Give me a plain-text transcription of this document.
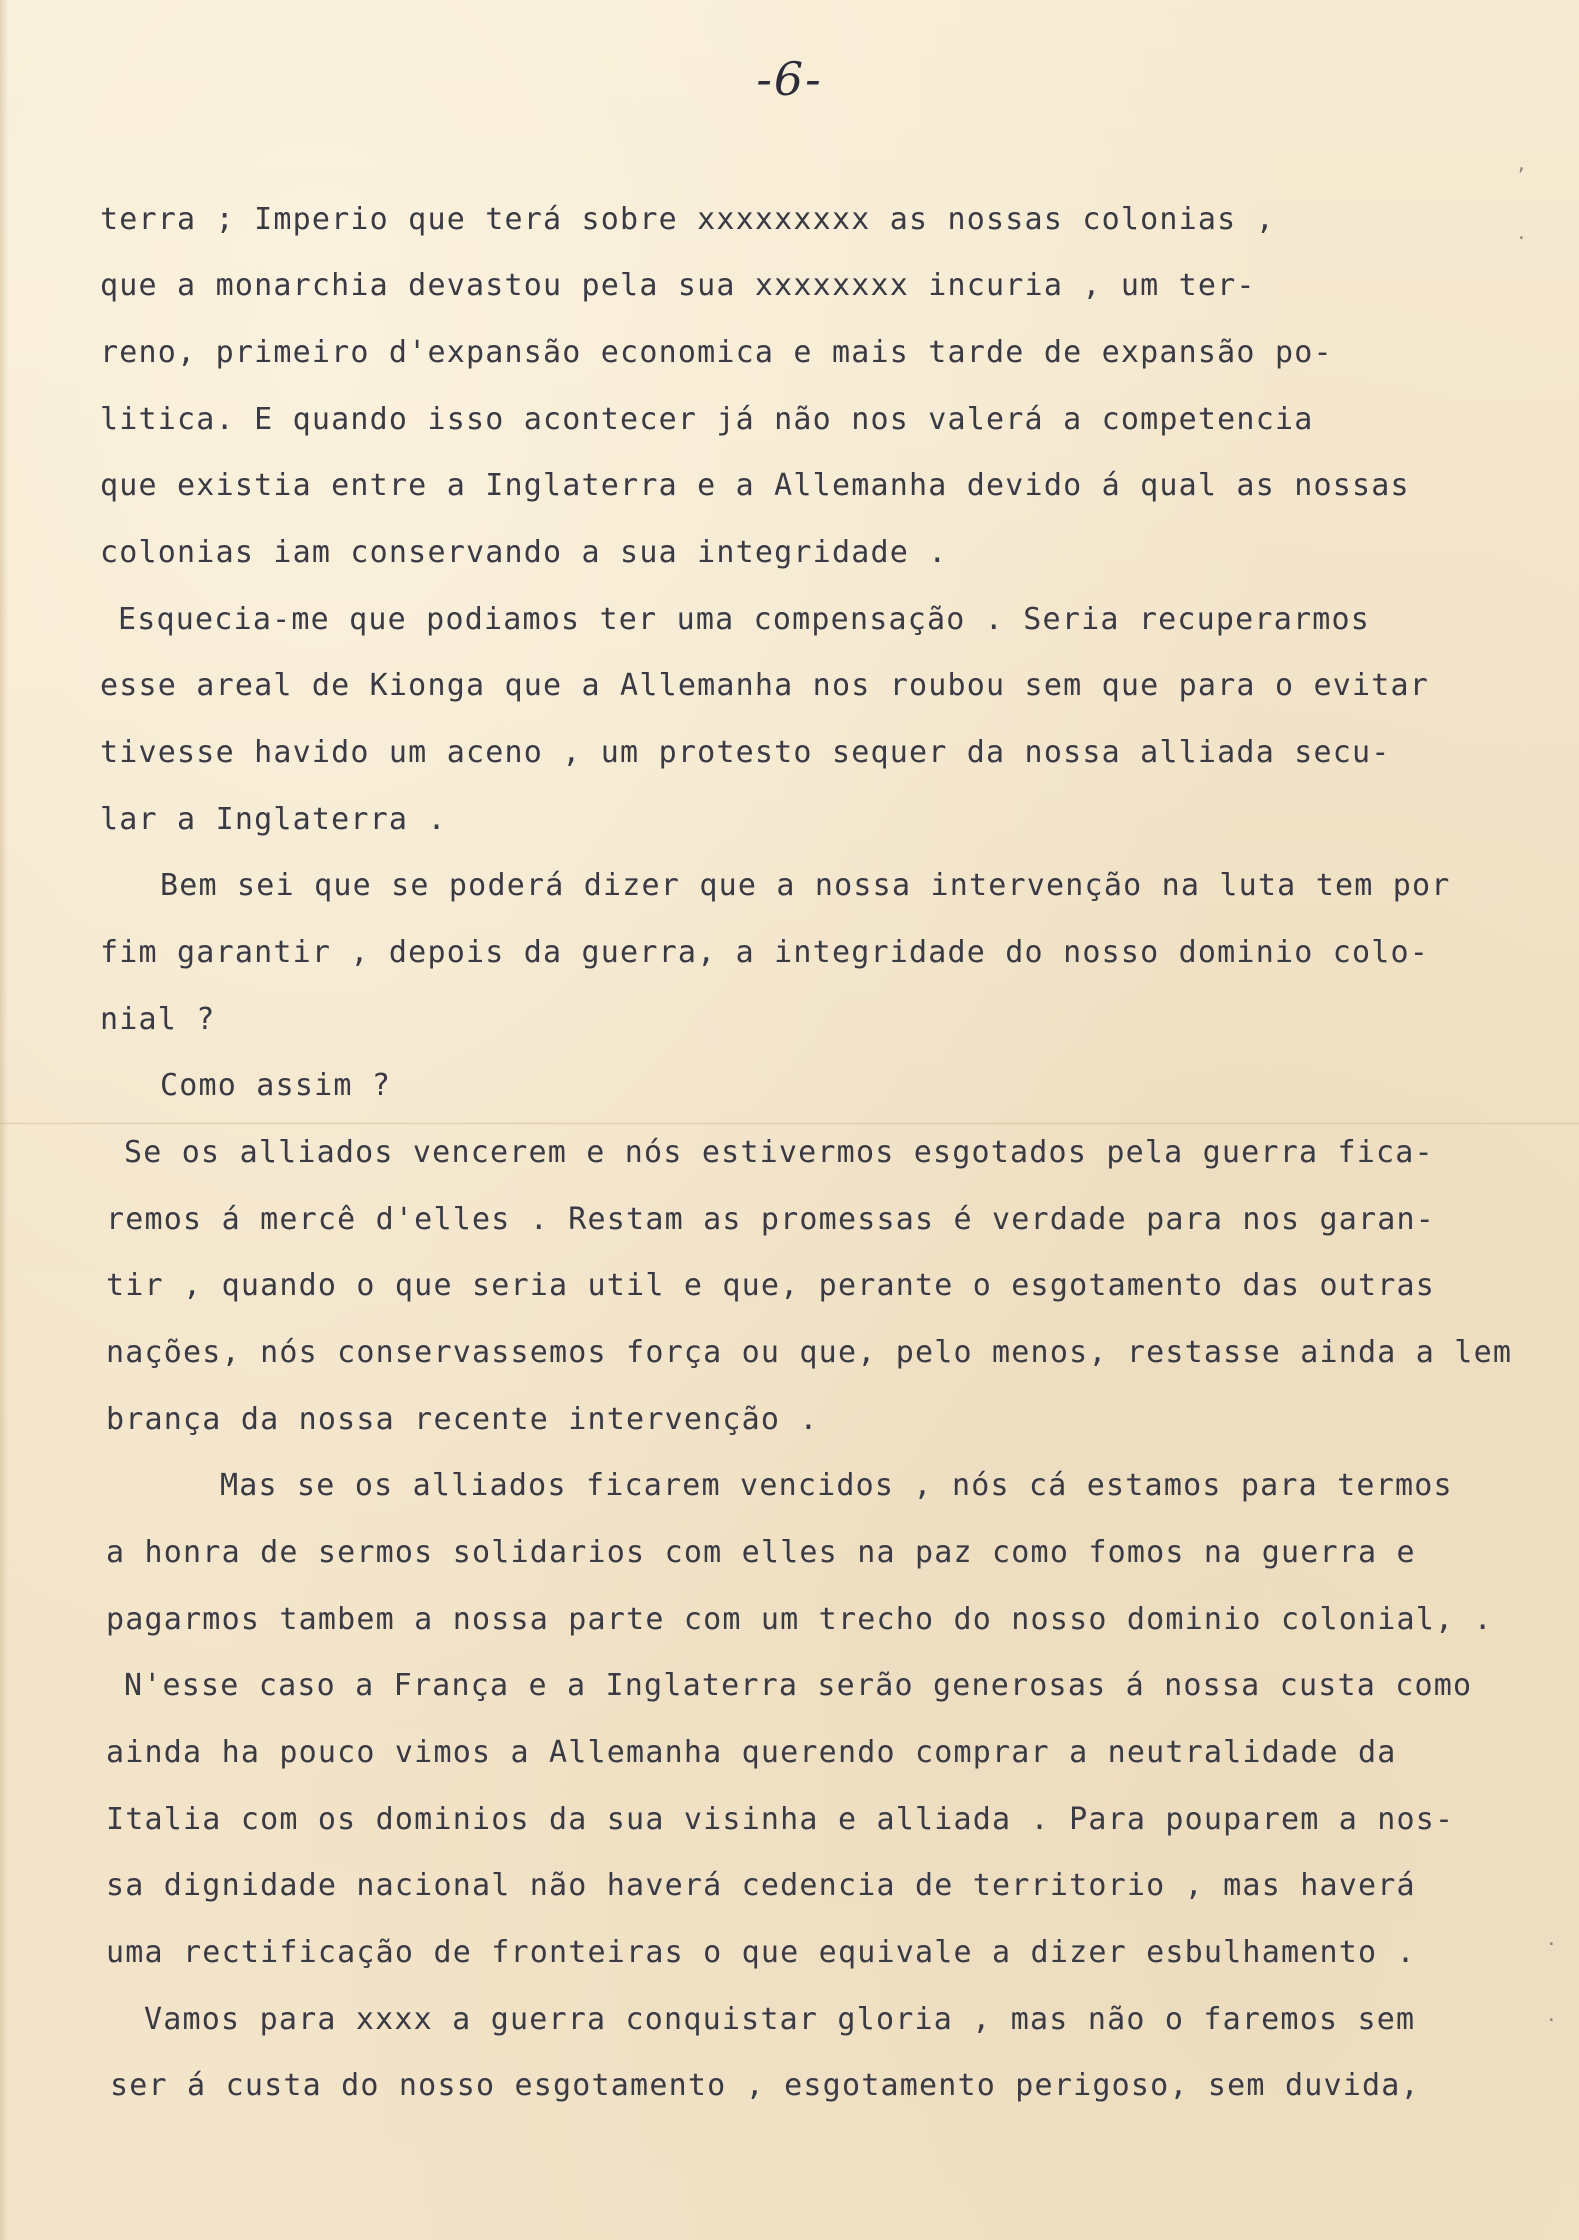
-6-
terra ; Imperio que terá sobre xxxxxxxxx as nossas colonias ,
que a monarchia devastou pela sua xxxxxxxx incuria , um ter-
reno, primeiro d'expansão economica e mais tarde de expansão po-
litica. E quando isso acontecer já não nos valerá a competencia
que existia entre a Inglaterra e a Allemanha devido á qual as nossas
colonias iam conservando a sua integridade .
Esquecia-me que podiamos ter uma compensação . Seria recuperarmos
esse areal de Kionga que a Allemanha nos roubou sem que para o evitar
tivesse havido um aceno , um protesto sequer da nossa alliada secu-
lar a Inglaterra .
Bem sei que se poderá dizer que a nossa intervenção na luta tem por
fim garantir , depois da guerra, a integridade do nosso dominio colo-
nial ?
Como assim ?
Se os alliados vencerem e nós estivermos esgotados pela guerra fica-
remos á mercê d'elles . Restam as promessas é verdade para nos garan-
tir , quando o que seria util e que, perante o esgotamento das outras
nações, nós conservassemos força ou que, pelo menos, restasse ainda a lem
brança da nossa recente intervenção .
Mas se os alliados ficarem vencidos , nós cá estamos para termos
a honra de sermos solidarios com elles na paz como fomos na guerra e
pagarmos tambem a nossa parte com um trecho do nosso dominio colonial, .
N'esse caso a França e a Inglaterra serão generosas á nossa custa como
ainda ha pouco vimos a Allemanha querendo comprar a neutralidade da
Italia com os dominios da sua visinha e alliada . Para pouparem a nos-
sa dignidade nacional não haverá cedencia de territorio , mas haverá
uma rectificação de fronteiras o que equivale a dizer esbulhamento .
Vamos para xxxx a guerra conquistar gloria , mas não o faremos sem
ser á custa do nosso esgotamento , esgotamento perigoso, sem duvida,
,
·
·
·
